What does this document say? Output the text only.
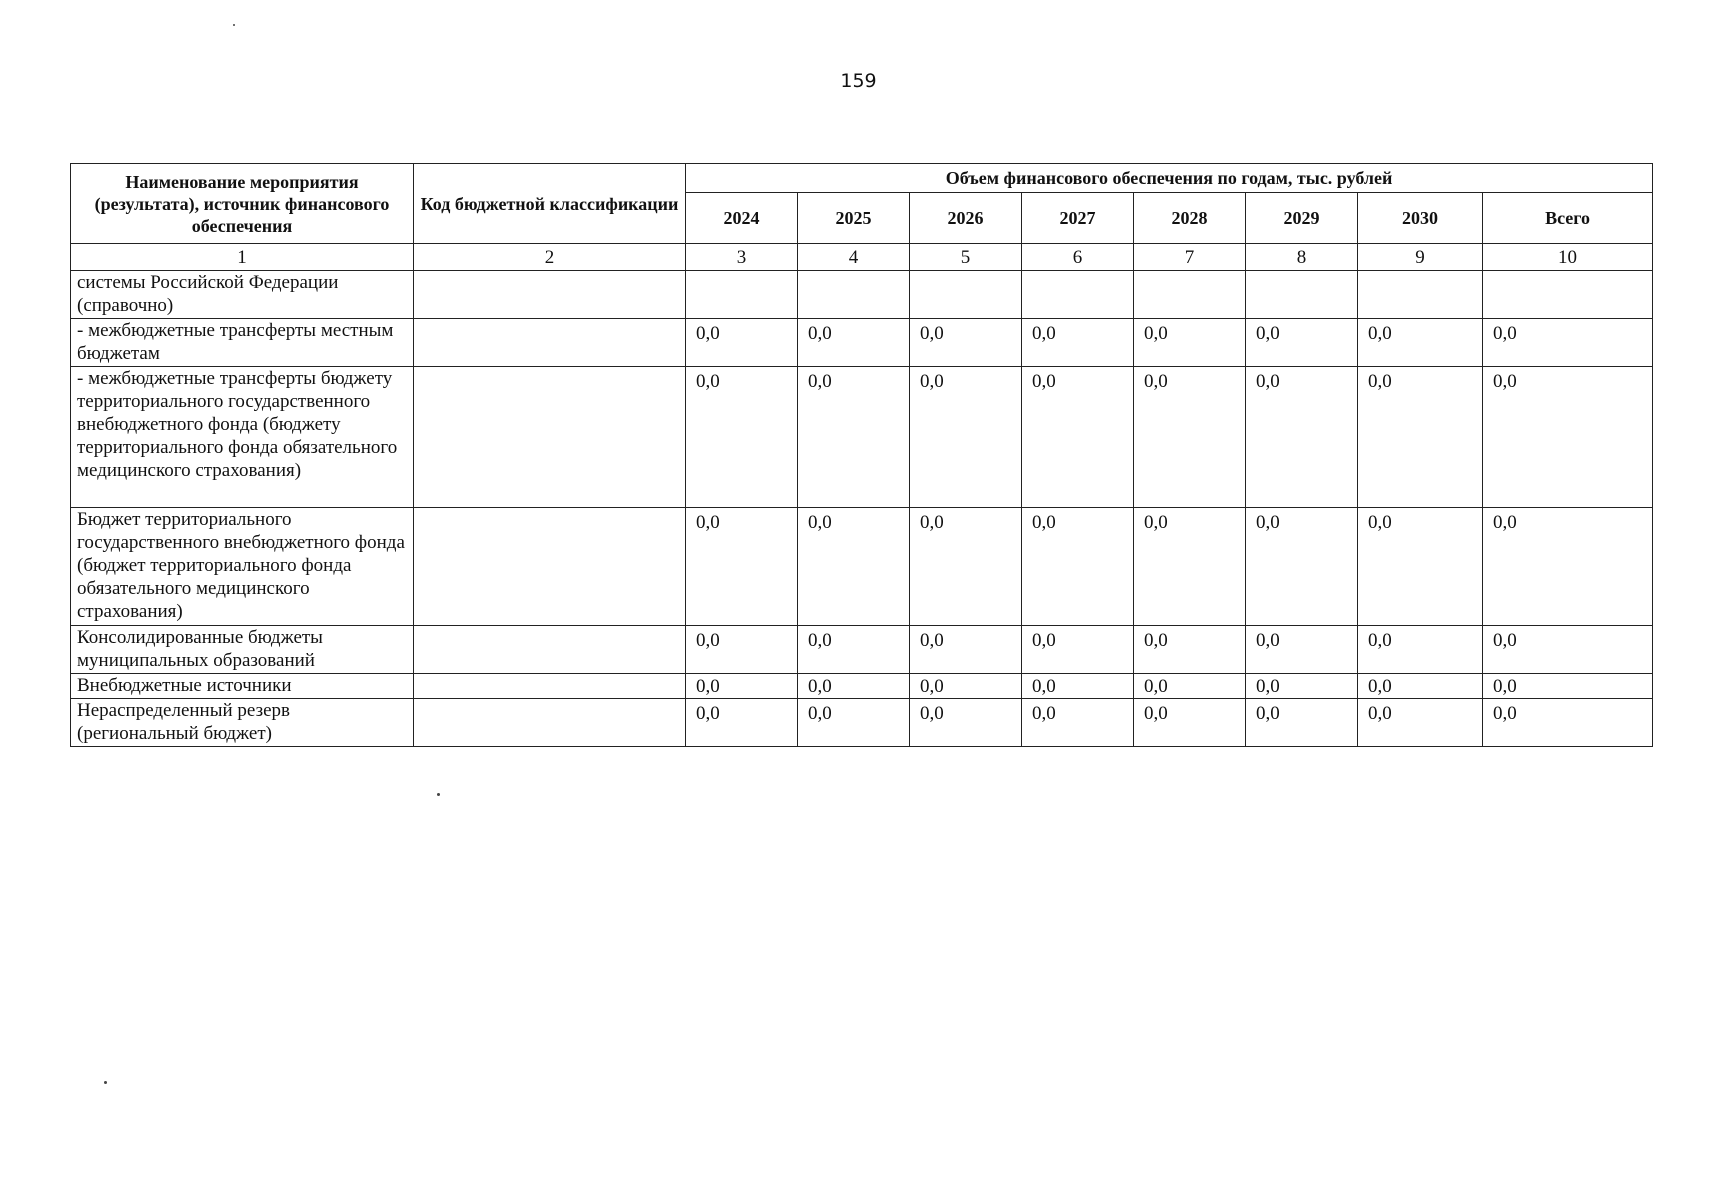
159
Наименование мероприятия (результата), источник финансового обеспечения	Код бюджетной классификации	Объем финансового обеспечения по годам, тыс. рублей							
		2024	2025	2026	2027	2028	2029	2030	Всего
1	2	3	4	5	6	7	8	9	10
системы Российской Федерации (справочно)									
- межбюджетные трансферты местным бюджетам		0,0	0,0	0,0	0,0	0,0	0,0	0,0	0,0
- межбюджетные трансферты бюджету территориального государственного внебюджетного фонда (бюджету территориального фонда обязательного медицинского страхования)		0,0	0,0	0,0	0,0	0,0	0,0	0,0	0,0
Бюджет территориального государственного внебюджетного фонда (бюджет территориального фонда обязательного медицинского страхования)		0,0	0,0	0,0	0,0	0,0	0,0	0,0	0,0
Консолидированные бюджеты муниципальных образований		0,0	0,0	0,0	0,0	0,0	0,0	0,0	0,0
Внебюджетные источники		0,0	0,0	0,0	0,0	0,0	0,0	0,0	0,0
Нераспределенный резерв (региональный бюджет)		0,0	0,0	0,0	0,0	0,0	0,0	0,0	0,0
